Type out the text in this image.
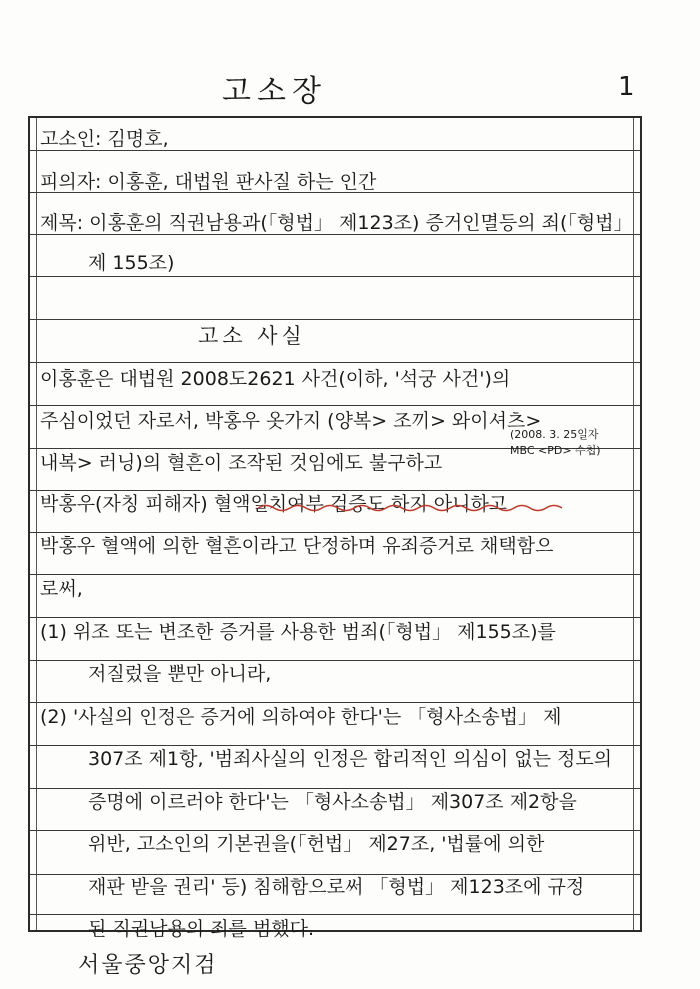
고소장	1
고소인: 김명호,
피의자: 이홍훈, 대법원 판사질 하는 인간
제목: 이홍훈의 직권남용과(「형법」 제123조) 증거인멸등의 죄(「형법」
제 155조)
고소 사실
이홍훈은 대법원 2008도2621 사건(이하, '석궁 사건')의
주심이었던 자로서, 박홍우 옷가지 (양복> 조끼> 와이셔츠>
내복> 러닝)의 혈흔이 조작된 것임에도 불구하고
박홍우(자칭 피해자) 혈액일치여부 검증도 하지 아니하고
박홍우 혈액에 의한 혈흔이라고 단정하며 유죄증거로 채택함으
로써,
(1) 위조 또는 변조한 증거를 사용한 범죄(「형법」 제155조)를
저질렀을 뿐만 아니라,
(2) '사실의 인정은 증거에 의하여야 한다'는 「형사소송법」 제
307조 제1항, '범죄사실의 인정은 합리적인 의심이 없는 정도의
증명에 이르러야 한다'는 「형사소송법」 제307조 제2항을
위반, 고소인의 기본권을(「헌법」 제27조, '법률에 의한
재판 받을 권리' 등) 침해함으로써 「형법」 제123조에 규정
된 직권남용의 죄를 범했다.
(2008. 3. 25일자
MBC <PD> 수첩)
서울중앙지검
